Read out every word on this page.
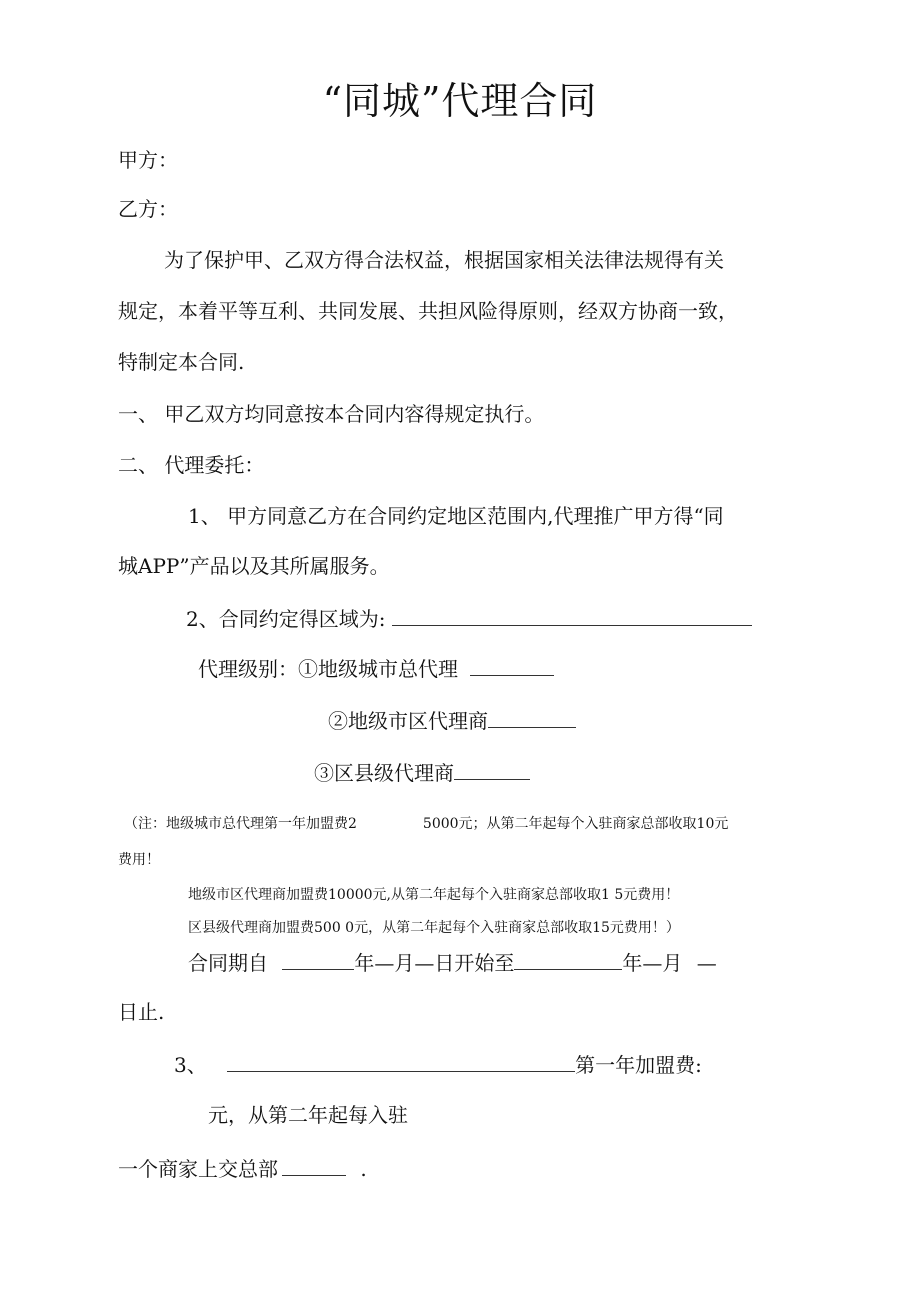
“同城”代理合同
甲方：
乙方：
为了保护甲、乙双方得合法权益，根据国家相关法律法规得有关
规定，本着平等互利、共同发展、共担风险得原则，经双方协商一致，
特制定本合同.
一、 甲乙双方均同意按本合同内容得规定执行。
二、 代理委托：
1、 甲方同意乙方在合同约定地区范围内,代理推广甲方得“同
城APP”产品以及其所属服务。
2、合同约定得区域为:
代理级别：①地级城市总代理
②地级市区代理商
③区县级代理商
（注：地级城市总代理第一年加盟费2	5000元；从第二年起每个入驻商家总部收取10元
费用！
地级市区代理商加盟费10000元,从第二年起每个入驻商家总部收取1 5元费用！
区县级代理商加盟费500 0元，从第二年起每个入驻商家总部收取15元费用！）
合同期自	年—月—日开始至	年—月 —
日止.
3、	第一年加盟费:
元，从第二年起每入驻
一个商家上交总部	.
